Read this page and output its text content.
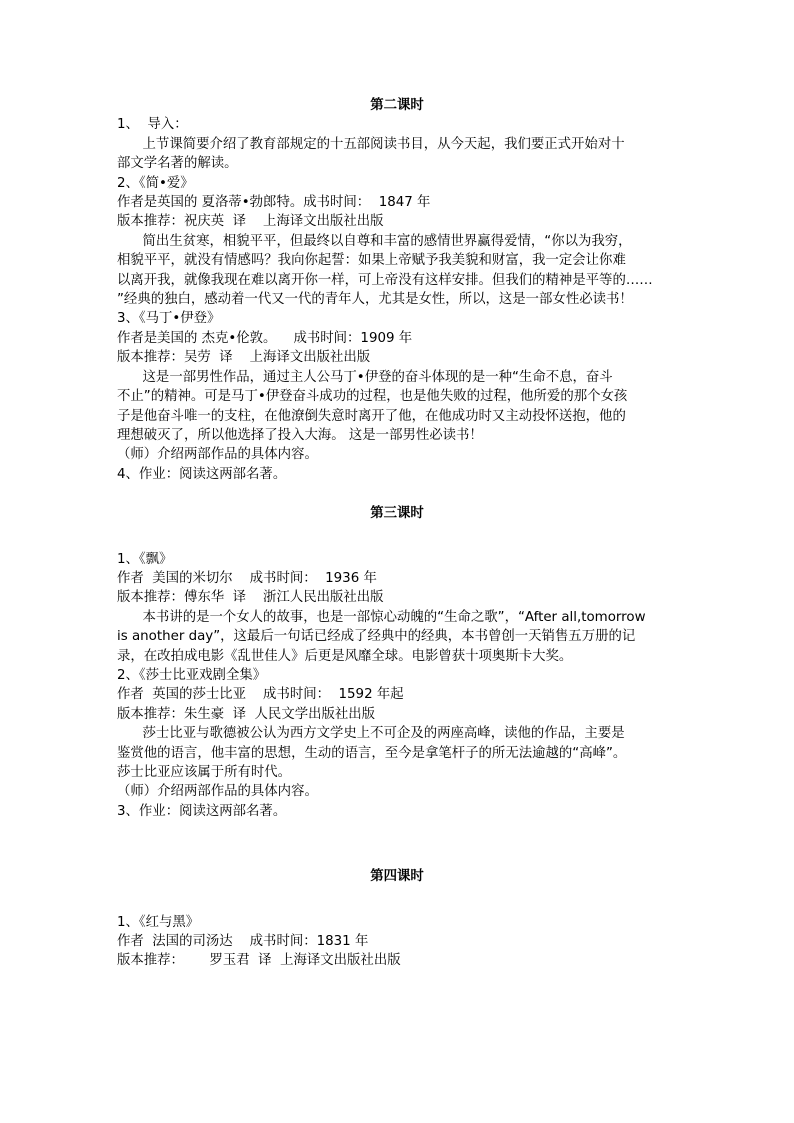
第二课时

1、  导入：

上节课简要介绍了教育部规定的十五部阅读书目，从今天起，我们要正式开始对十

部文学名著的解读。

2、《简•爱》

作者是英国的 夏洛蒂•勃郎特。成书时间：  1847 年

版本推荐：祝庆英  译    上海译文出版社出版

简出生贫寒，相貌平平，但最终以自尊和丰富的感情世界赢得爱情，“你以为我穷，

相貌平平，就没有情感吗？我向你起誓：如果上帝赋予我美貌和财富，我一定会让你难

以离开我，就像我现在难以离开你一样，可上帝没有这样安排。但我们的精神是平等的……

”经典的独白，感动着一代又一代的青年人，尤其是女性，所以，这是一部女性必读书！

3、《马丁•伊登》

作者是美国的 杰克•伦敦。    成书时间：1909 年

版本推荐：吴劳  译    上海译文出版社出版

这是一部男性作品，通过主人公马丁•伊登的奋斗体现的是一种“生命不息，奋斗

不止”的精神。可是马丁•伊登奋斗成功的过程，也是他失败的过程，他所爱的那个女孩

子是他奋斗唯一的支柱，在他潦倒失意时离开了他，在他成功时又主动投怀送抱，他的

理想破灭了，所以他选择了投入大海。 这是一部男性必读书！

（师）介绍两部作品的具体内容。

4、作业：阅读这两部名著。

第三课时

1、《飘》

作者  美国的米切尔    成书时间：  1936 年

版本推荐：傅东华  译    浙江人民出版社出版

本书讲的是一个女人的故事，也是一部惊心动魄的“生命之歌”，“After all,tomorrow

is another day”，这最后一句话已经成了经典中的经典，本书曾创一天销售五万册的记

录，在改拍成电影《乱世佳人》后更是风靡全球。电影曾获十项奥斯卡大奖。

2、《莎士比亚戏剧全集》

作者  英国的莎士比亚    成书时间：  1592 年起

版本推荐：朱生豪  译  人民文学出版社出版

莎士比亚与歌德被公认为西方文学史上不可企及的两座高峰，读他的作品，主要是

鉴赏他的语言，他丰富的思想，生动的语言，至今是拿笔杆子的所无法逾越的“高峰”。

莎士比亚应该属于所有时代。

（师）介绍两部作品的具体内容。

3、作业：阅读这两部名著。

第四课时

1、《红与黑》

作者  法国的司汤达    成书时间：1831 年

版本推荐：      罗玉君  译  上海译文出版社出版
